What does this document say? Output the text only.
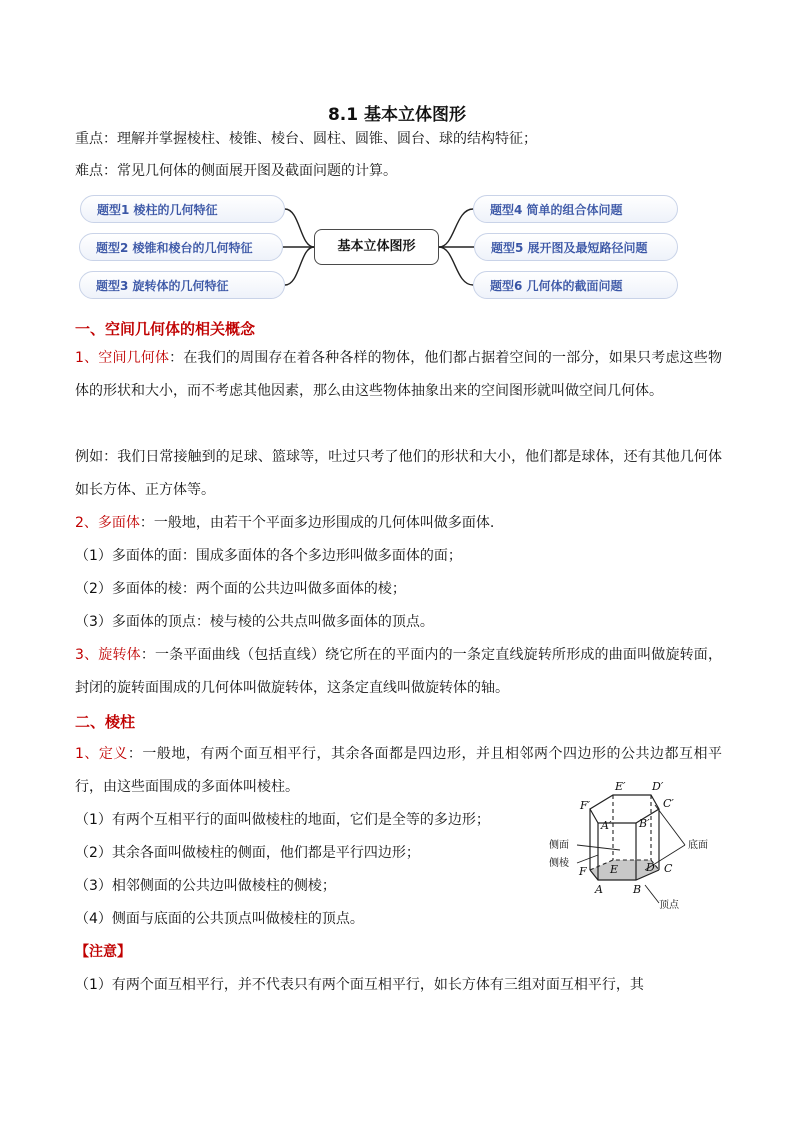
8.1 基本立体图形
重点：理解并掌握棱柱、棱锥、棱台、圆柱、圆锥、圆台、球的结构特征；
难点：常见几何体的侧面展开图及截面问题的计算。
题型1 棱柱的几何特征
题型2 棱锥和棱台的几何特征
题型3 旋转体的几何特征
基本立体图形
题型4 简单的组合体问题
题型5 展开图及最短路径问题
题型6 几何体的截面问题
一、空间几何体的相关概念
1、空间几何体：在我们的周围存在着各种各样的物体，他们都占据着空间的一部分，如果只考虑这些物体的形状和大小，而不考虑其他因素，那么由这些物体抽象出来的空间图形就叫做空间几何体。
例如：我们日常接触到的足球、篮球等，吐过只考了他们的形状和大小，他们都是球体，还有其他几何体如长方体、正方体等。
2、多面体：一般地，由若干个平面多边形围成的几何体叫做多面体.
（1）多面体的面：围成多面体的各个多边形叫做多面体的面；
（2）多面体的棱：两个面的公共边叫做多面体的棱；
（3）多面体的顶点：棱与棱的公共点叫做多面体的顶点。
3、旋转体：一条平面曲线（包括直线）绕它所在的平面内的一条定直线旋转所形成的曲面叫做旋转面，封闭的旋转面围成的几何体叫做旋转体，这条定直线叫做旋转体的轴。
二、棱柱
1、定义：一般地，有两个面互相平行，其余各面都是四边形，并且相邻两个四边形的公共边都互相平行，由这些面围成的多面体叫棱柱。
（1）有两个互相平行的面叫做棱柱的地面，它们是全等的多边形；
（2）其余各面叫做棱柱的侧面，他们都是平行四边形；
（3）相邻侧面的公共边叫做棱柱的侧棱；
（4）侧面与底面的公共顶点叫做棱柱的顶点。
【注意】
（1）有两个面互相平行，并不代表只有两个面互相平行，如长方体有三组对面互相平行，其
E′ D′
F′	C′
A′	B′
E	D
F	C
A	B
侧面
侧棱
底面
顶点
